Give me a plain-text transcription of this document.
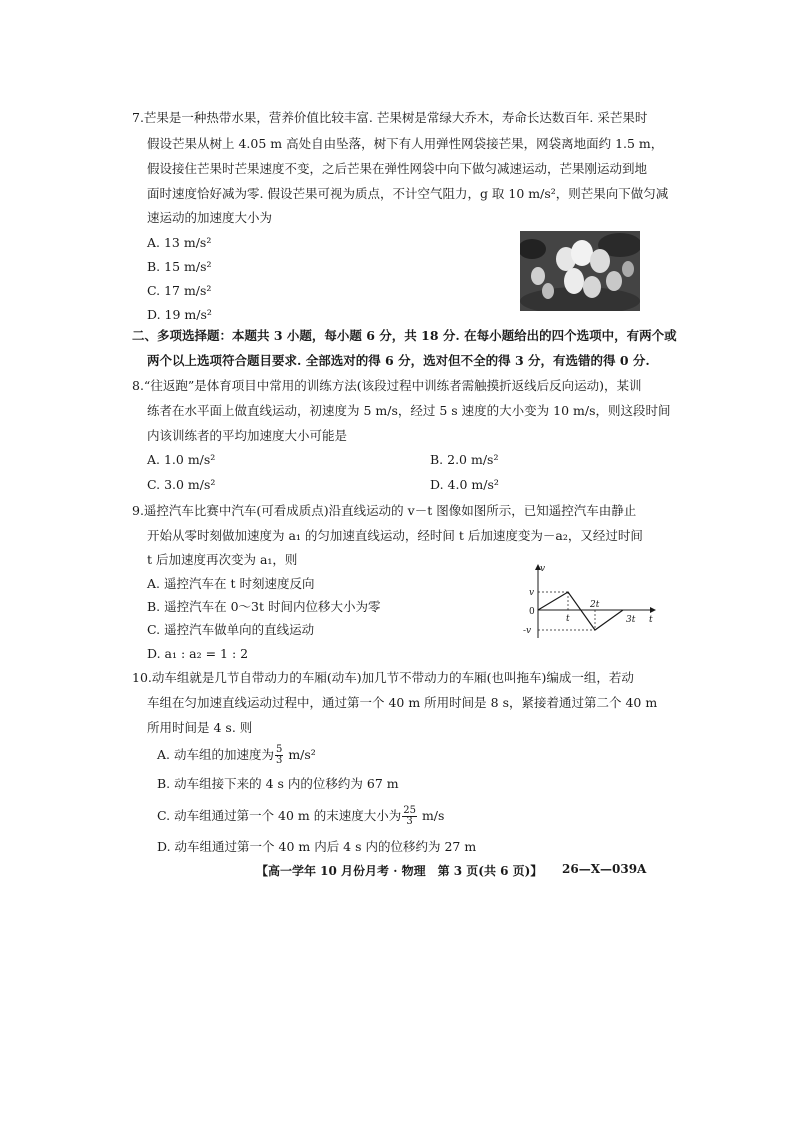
7.芒果是一种热带水果，营养价值比较丰富. 芒果树是常绿大乔木，寿命长达数百年. 采芒果时
假设芒果从树上 4.05 m 高处自由坠落，树下有人用弹性网袋接芒果，网袋离地面约 1.5 m，
假设接住芒果时芒果速度不变，之后芒果在弹性网袋中向下做匀减速运动，芒果刚运动到地
面时速度恰好减为零. 假设芒果可视为质点，不计空气阻力，g 取 10 m/s²，则芒果向下做匀减
速运动的加速度大小为
A. 13 m/s²
B. 15 m/s²
C. 17 m/s²
D. 19 m/s²
二、多项选择题：本题共 3 小题，每小题 6 分，共 18 分. 在每小题给出的四个选项中，有两个或
两个以上选项符合题目要求. 全部选对的得 6 分，选对但不全的得 3 分，有选错的得 0 分.
8.“往返跑”是体育项目中常用的训练方法(该段过程中训练者需触摸折返线后反向运动)，某训
练者在水平面上做直线运动，初速度为 5 m/s，经过 5 s 速度的大小变为 10 m/s，则这段时间
内该训练者的平均加速度大小可能是
A. 1.0 m/s²	B. 2.0 m/s²
C. 3.0 m/s²	D. 4.0 m/s²
9.遥控汽车比赛中汽车(可看成质点)沿直线运动的 v－t 图像如图所示，已知遥控汽车由静止
开始从零时刻做加速度为 a₁ 的匀加速直线运动，经时间 t 后加速度变为－a₂，又经过时间
t 后加速度再次变为 a₁，则
A. 遥控汽车在 t 时刻速度反向
B. 遥控汽车在 0～3t 时间内位移大小为零
C. 遥控汽车做单向的直线运动
D. a₁ : a₂ = 1 : 2
v
t
0
v
-v
t
2t
3t
10.动车组就是几节自带动力的车厢(动车)加几节不带动力的车厢(也叫拖车)编成一组，若动
车组在匀加速直线运动过程中，通过第一个 40 m 所用时间是 8 s，紧接着通过第二个 40 m
所用时间是 4 s. 则
A. 动车组的加速度为 $\frac{5}{3} m/s^2$
B. 动车组接下来的 4 s 内的位移约为 67 m
C. 动车组通过第一个 40 m 的末速度大小为 $\frac{25}{3} m/s$
D. 动车组通过第一个 40 m 内后 4 s 内的位移约为 27 m
【高一学年 10 月份月考 · 物理　第 3 页(共 6 页)】 26—X—039A
